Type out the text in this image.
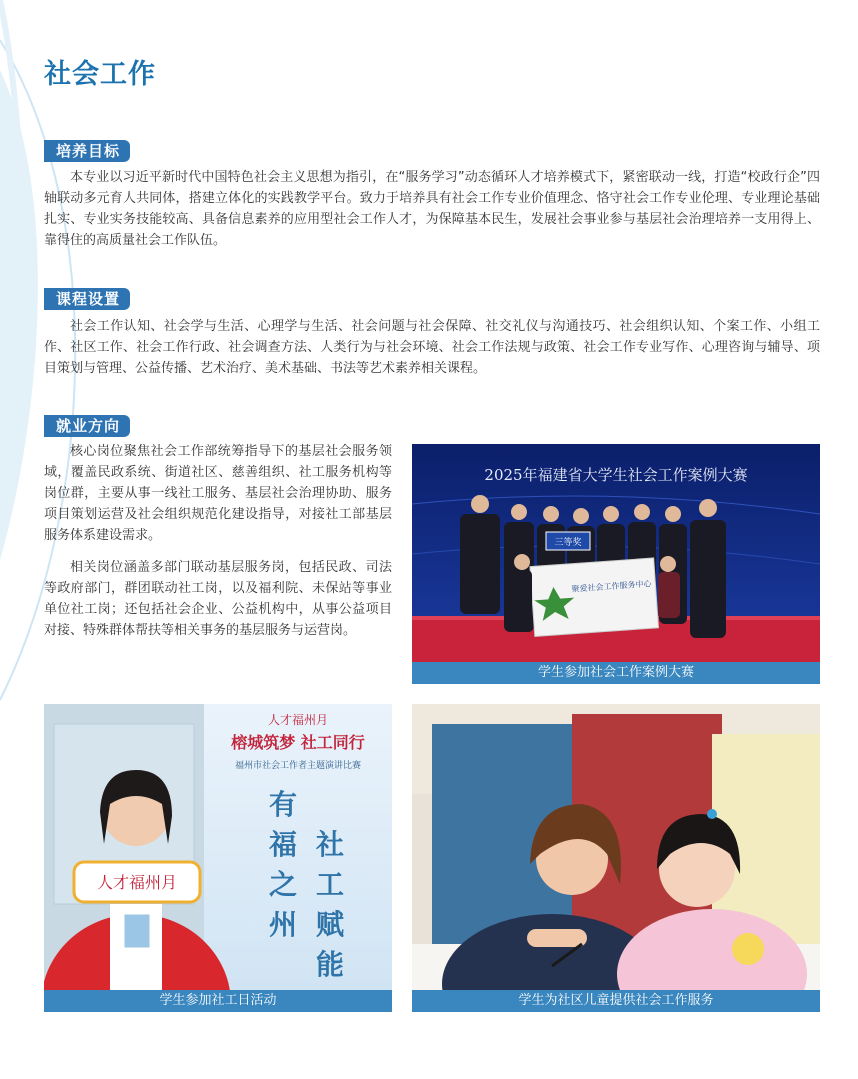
社会工作
培养目标

本专业以习近平新时代中国特色社会主义思想为指引，在“服务学习”动态循环人才培养模式下，紧密联动一线，打造“校政行企”四轴联动多元育人共同体，搭建立体化的实践教学平台。致力于培养具有社会工作专业价值理念、恪守社会工作专业伦理、专业理论基础扎实、专业实务技能较高、具备信息素养的应用型社会工作人才，为保障基本民生，发展社会事业参与基层社会治理培养一支用得上、靠得住的高质量社会工作队伍。

课程设置

社会工作认知、社会学与生活、心理学与生活、社会问题与社会保障、社交礼仪与沟通技巧、社会组织认知、个案工作、小组工作、社区工作、社会工作行政、社会调查方法、人类行为与社会环境、社会工作法规与政策、社会工作专业写作、心理咨询与辅导、项目策划与管理、公益传播、艺术治疗、美术基础、书法等艺术素养相关课程。

就业方向

核心岗位聚焦社会工作部统筹指导下的基层社会服务领域，覆盖民政系统、街道社区、慈善组织、社工服务机构等岗位群，主要从事一线社工服务、基层社会治理协助、服务项目策划运营及社会组织规范化建设指导，对接社工部基层服务体系建设需求。

相关岗位涵盖多部门联动基层服务岗，包括民政、司法等政府部门，群团联动社工岗，以及福利院、未保站等事业单位社工岗；还包括社会企业、公益机构中，从事公益项目对接、特殊群体帮扶等相关事务的基层服务与运营岗。

2025年福建省大学生社会工作案例大赛
三等奖
聚爱社会工作服务中心
学生参加社会工作案例大赛
人才福州月
榕城筑梦 社工同行
福州市社会工作者主题演讲比赛
有
福
之
州
社
工
赋
能
人才福州月
学生参加社工日活动	学生为社区儿童提供社会工作服务
